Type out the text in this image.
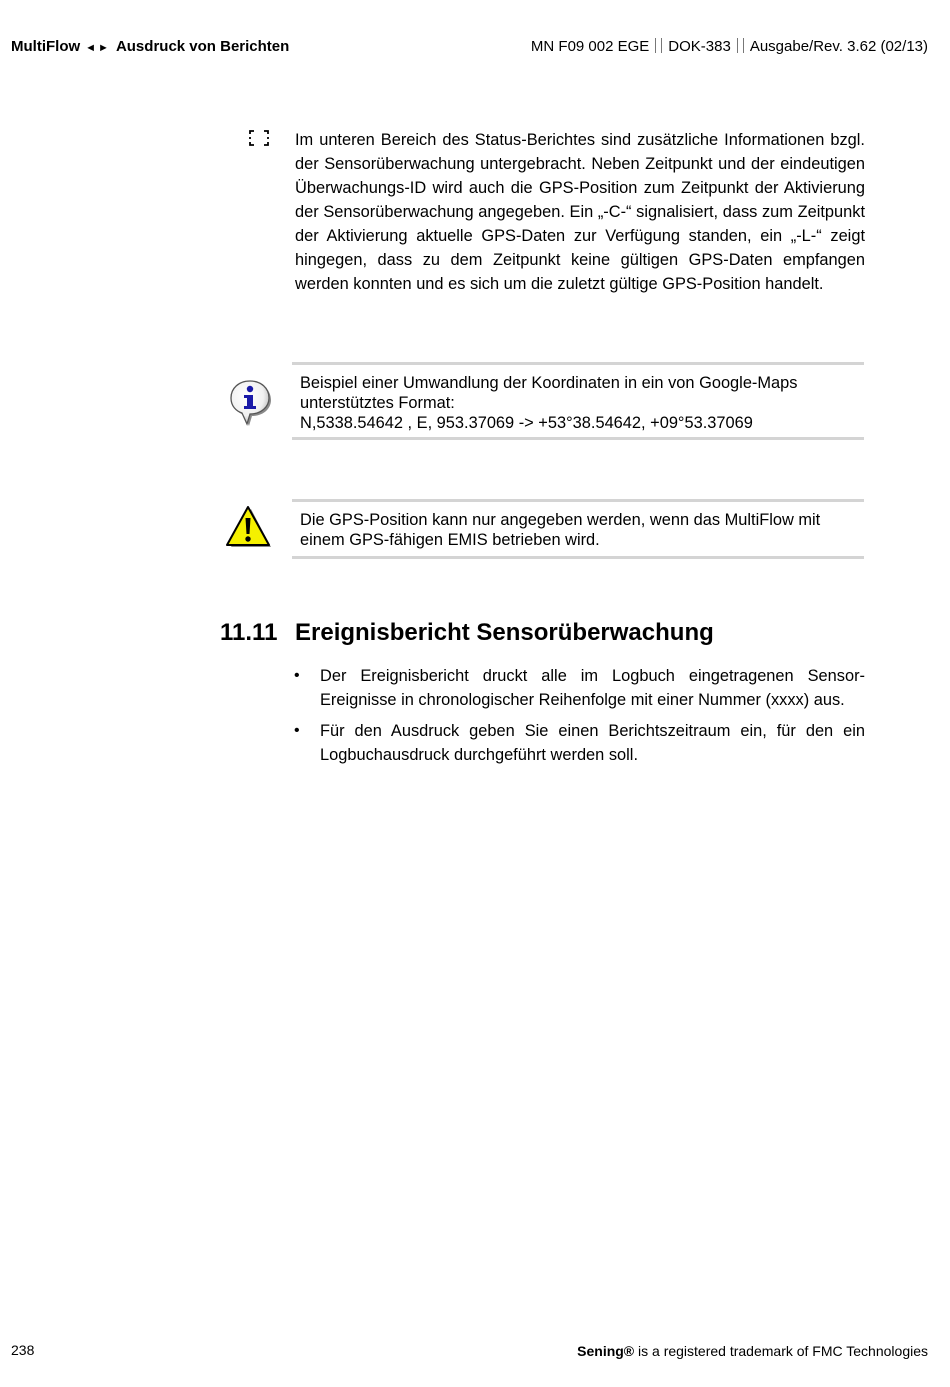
MultiFlow ◄► Ausdruck von Berichten	MN F09 002 EGE DOK-383 Ausgabe/Rev. 3.62 (02/13)
Im unteren Bereich des Status-Berichtes sind zusätzliche Informationen bzgl. der Sensorüberwachung untergebracht. Neben Zeitpunkt und der eindeutigen Überwachungs-ID wird auch die GPS-Position zum Zeitpunkt der Aktivierung der Sensorüberwachung angegeben. Ein „-C-“ signalisiert, dass zum Zeitpunkt der Aktivierung aktuelle GPS-Daten zur Verfügung standen, ein „-L-“ zeigt hingegen, dass zu dem Zeitpunkt keine gültigen GPS-Daten empfangen werden konnten und es sich um die zuletzt gültige GPS-Position handelt.
Beispiel einer Umwandlung der Koordinaten in ein von Google-Maps
unterstütztes Format:
N,5338.54642 , E, 953.37069 -> +53°38.54642, +09°53.37069
Die GPS-Position kann nur angegeben werden, wenn das MultiFlow mit
einem GPS-fähigen EMIS betrieben wird.
11.11 Ereignisbericht Sensorüberwachung
• Der Ereignisbericht druckt alle im Logbuch eingetragenen Sensor-Ereignisse in chronologischer Reihenfolge mit einer Nummer (xxxx) aus.
• Für den Ausdruck geben Sie einen Berichtszeitraum ein, für den ein Logbuchausdruck durchgeführt werden soll.
238	Sening® is a registered trademark of FMC Technologies
